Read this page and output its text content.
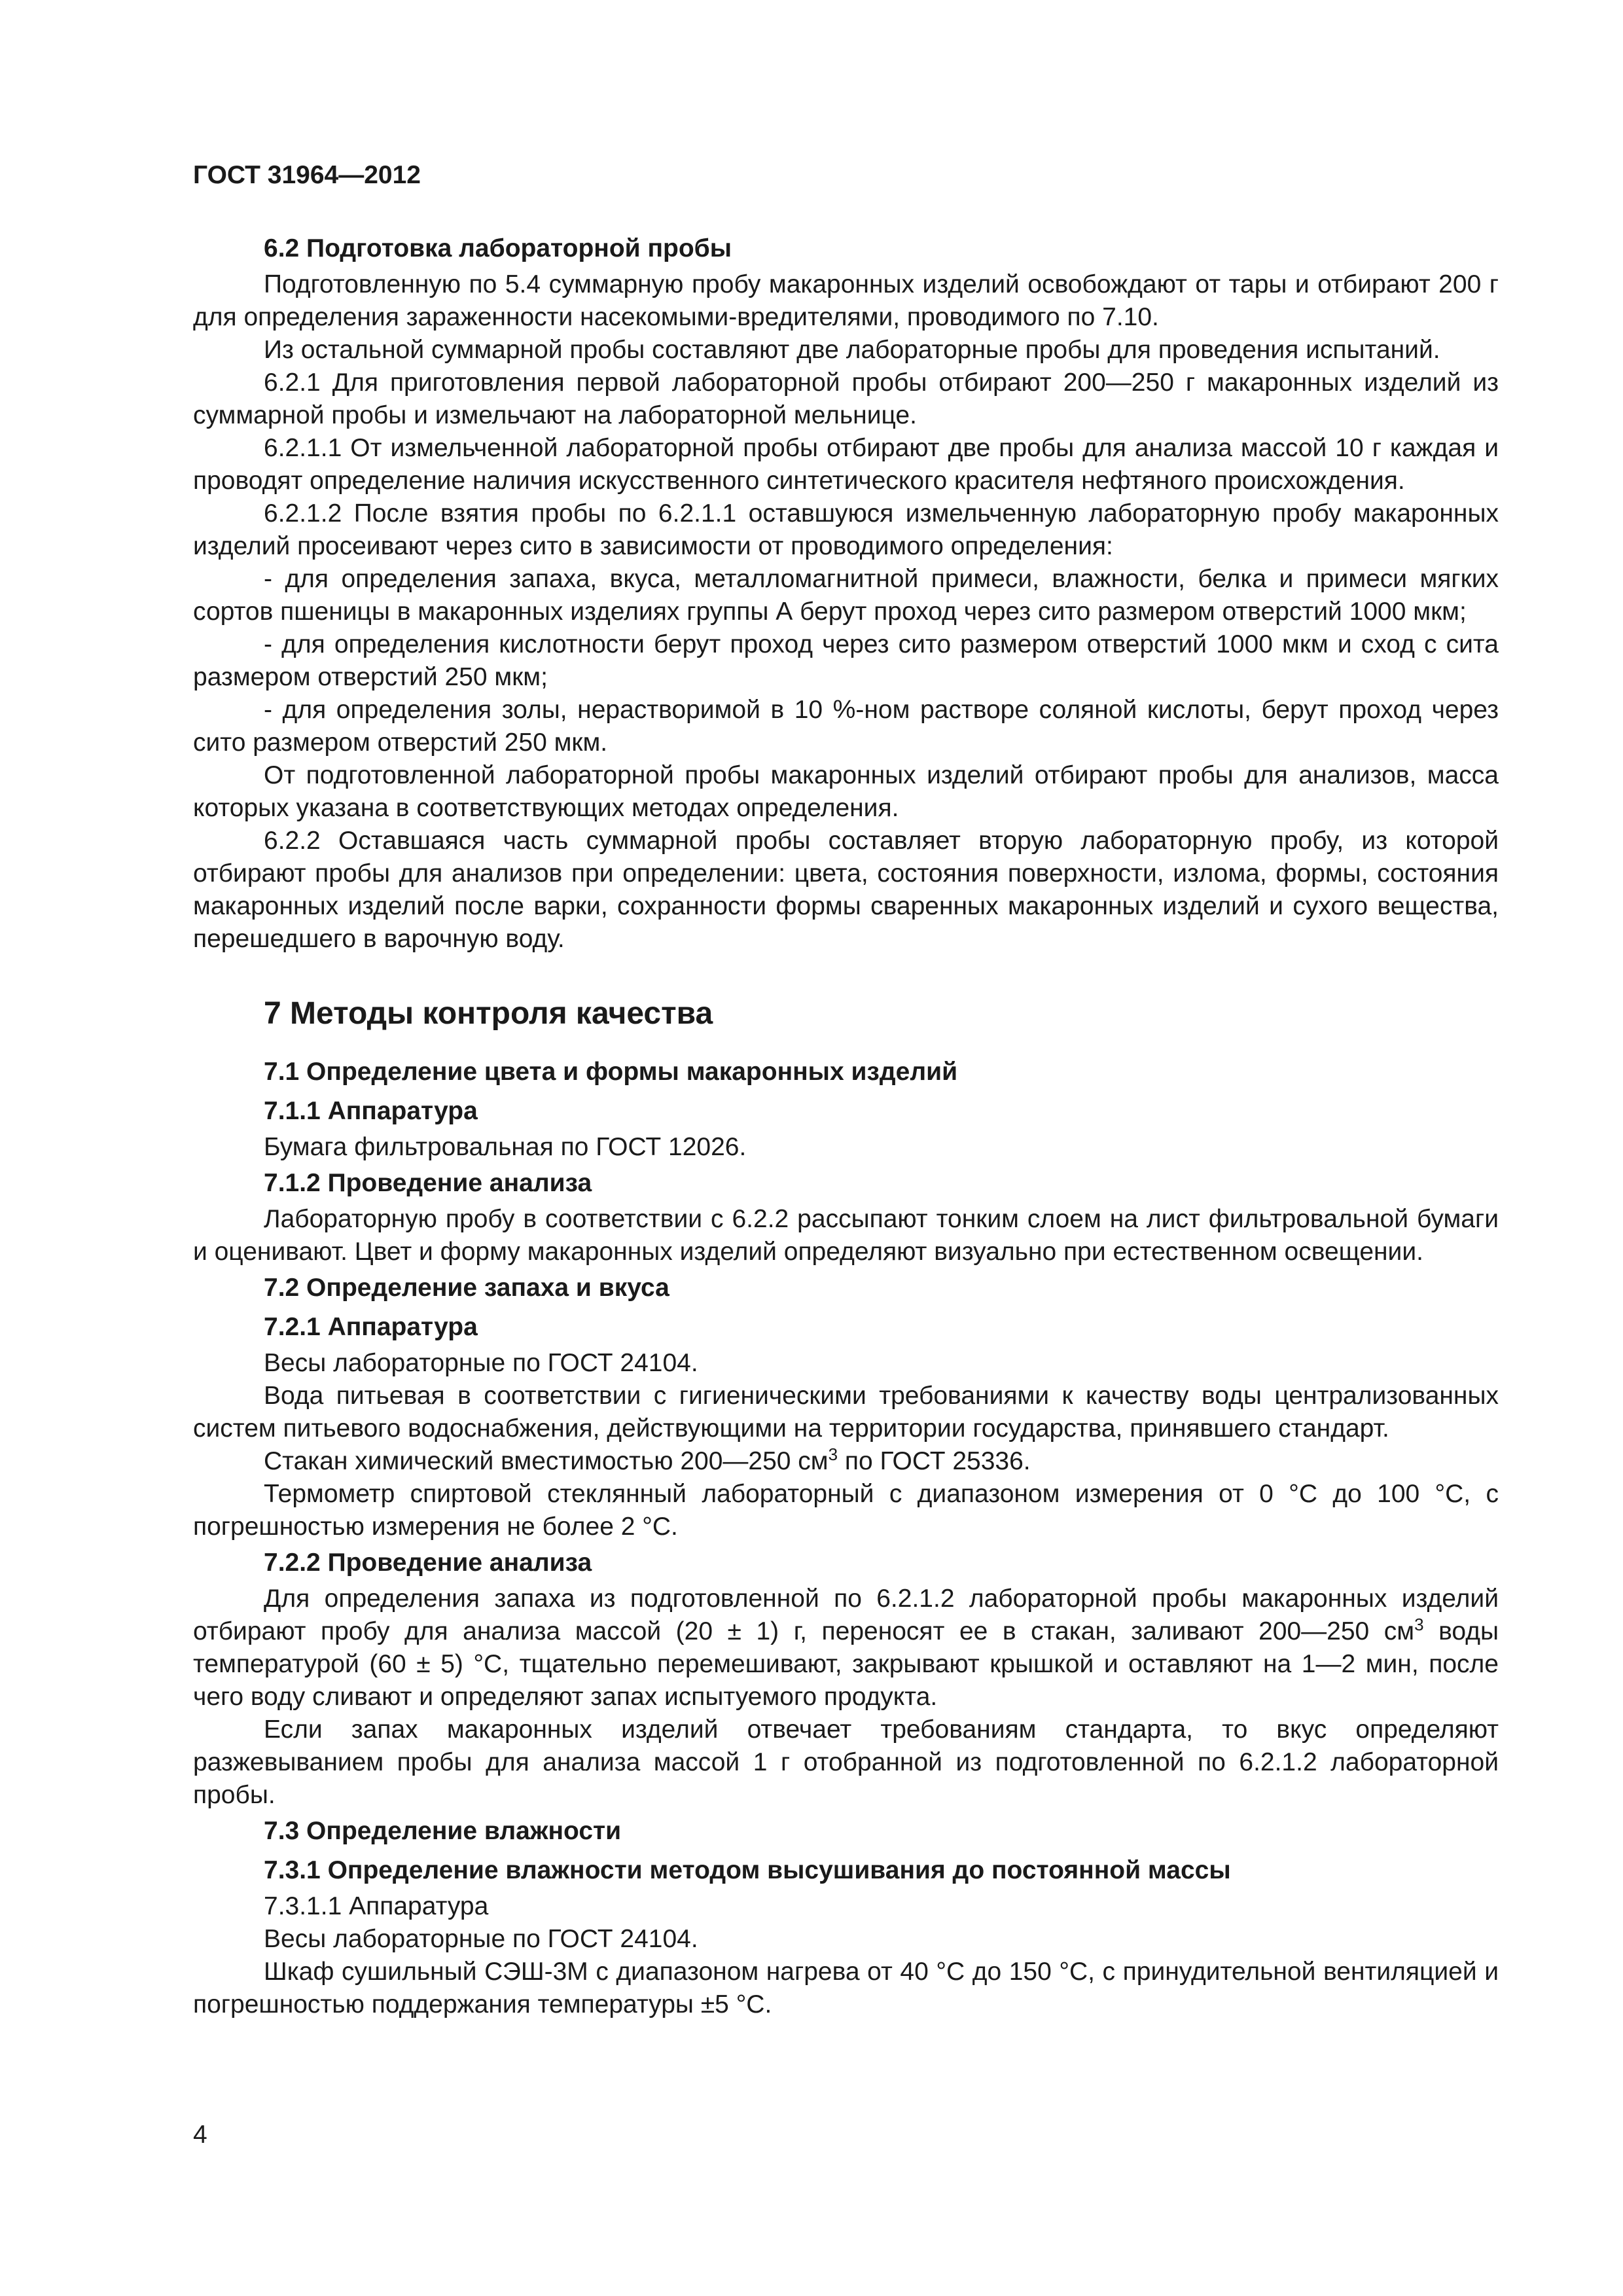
ГОСТ 31964—2012
6.2 Подготовка лабораторной пробы

Подготовленную по 5.4 суммарную пробу макаронных изделий освобождают от тары и отбирают 200 г для определения зараженности насекомыми-вредителями, проводимого по 7.10.

Из остальной суммарной пробы составляют две лабораторные пробы для проведения испытаний.

6.2.1 Для приготовления первой лабораторной пробы отбирают 200—250 г макаронных изделий из суммарной пробы и измельчают на лабораторной мельнице.

6.2.1.1 От измельченной лабораторной пробы отбирают две пробы для анализа массой 10 г каждая и проводят определение наличия искусственного синтетического красителя нефтяного происхождения.

6.2.1.2 После взятия пробы по 6.2.1.1 оставшуюся измельченную лабораторную пробу макаронных изделий просеивают через сито в зависимости от проводимого определения:

- для определения запаха, вкуса, металломагнитной примеси, влажности, белка и примеси мягких сортов пшеницы в макаронных изделиях группы А берут проход через сито размером отверстий 1000 мкм;

- для определения кислотности берут проход через сито размером отверстий 1000 мкм и сход с сита размером отверстий 250 мкм;

- для определения золы, нерастворимой в 10 %-ном растворе соляной кислоты, берут проход через сито размером отверстий 250 мкм.

От подготовленной лабораторной пробы макаронных изделий отбирают пробы для анализов, масса которых указана в соответствующих методах определения.

6.2.2 Оставшаяся часть суммарной пробы составляет вторую лабораторную пробу, из которой отбирают пробы для анализов при определении: цвета, состояния поверхности, излома, формы, состояния макаронных изделий после варки, сохранности формы сваренных макаронных изделий и сухого вещества, перешедшего в варочную воду.

7 Методы контроля качества
7.1 Определение цвета и формы макаронных изделий
7.1.1 Аппаратура

Бумага фильтровальная по ГОСТ 12026.

7.1.2 Проведение анализа

Лабораторную пробу в соответствии с 6.2.2 рассыпают тонким слоем на лист фильтровальной бумаги и оценивают. Цвет и форму макаронных изделий определяют визуально при естественном освещении.

7.2 Определение запаха и вкуса
7.2.1 Аппаратура

Весы лабораторные по ГОСТ 24104.

Вода питьевая в соответствии с гигиеническими требованиями к качеству воды централизованных систем питьевого водоснабжения, действующими на территории государства, принявшего стандарт.

Стакан химический вместимостью 200—250 $см^3$ по ГОСТ 25336.

Термометр спиртовой стеклянный лабораторный с диапазоном измерения от 0 °С до 100 °С, с погрешностью измерения не более 2 °С.

7.2.2 Проведение анализа

Для определения запаха из подготовленной по 6.2.1.2 лабораторной пробы макаронных изделий отбирают пробу для анализа массой (20 ± 1) г, переносят ее в стакан, заливают 200—250 $см^3$ воды температурой (60 ± 5) °С, тщательно перемешивают, закрывают крышкой и оставляют на 1—2 мин, после чего воду сливают и определяют запах испытуемого продукта.

Если запах макаронных изделий отвечает требованиям стандарта, то вкус определяют разжевыванием пробы для анализа массой 1 г отобранной из подготовленной по 6.2.1.2 лабораторной пробы.

7.3 Определение влажности
7.3.1 Определение влажности методом высушивания до постоянной массы

7.3.1.1 Аппаратура

Весы лабораторные по ГОСТ 24104.

Шкаф сушильный СЭШ-3М с диапазоном нагрева от 40 °С до 150 °С, с принудительной вентиляцией и погрешностью поддержания температуры ±5 °С.

4
